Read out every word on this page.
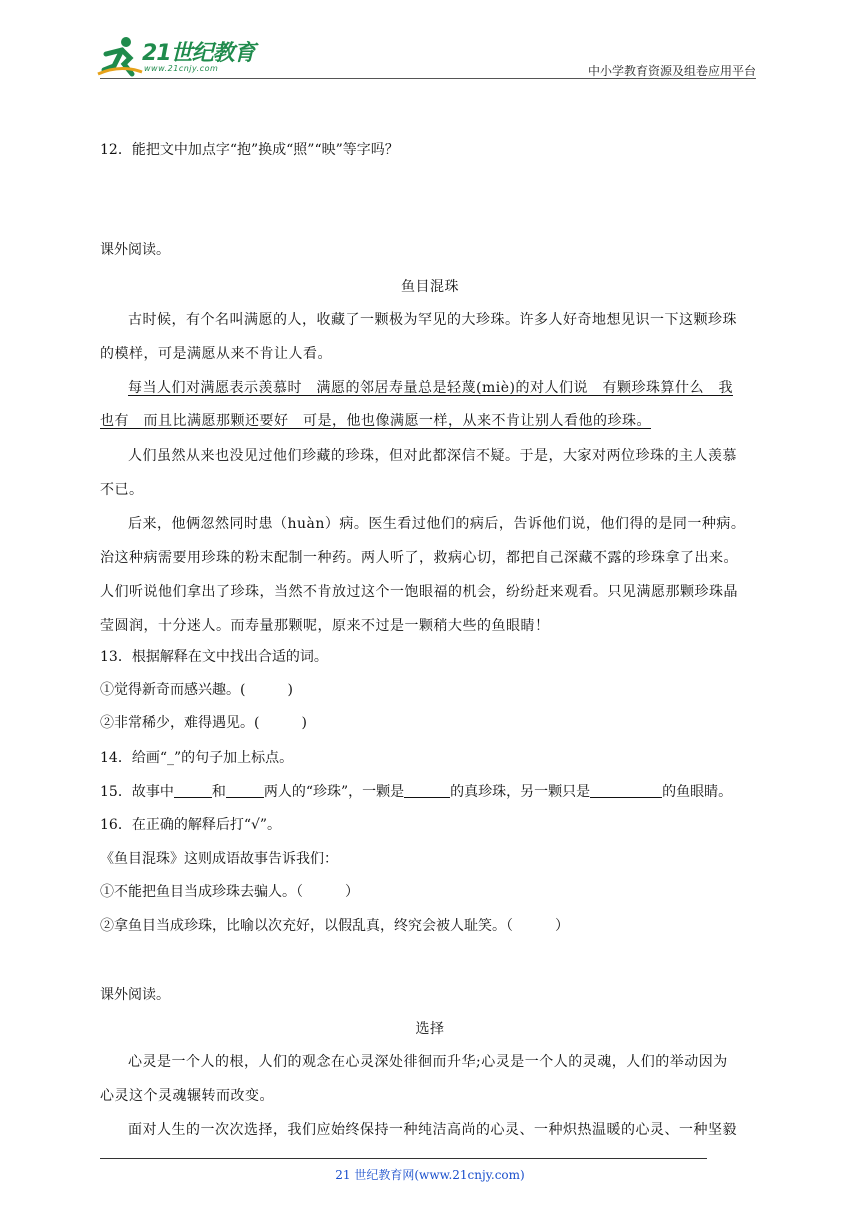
21世纪教育
www.21cnjy.com	中小学教育资源及组卷应用平台
12．能把文中加点字“抱”换成“照”“映”等字吗？
课外阅读。
鱼目混珠
古时候，有个名叫满愿的人，收藏了一颗极为罕见的大珍珠。许多人好奇地想见识一下这颗珍珠
的模样，可是满愿从来不肯让人看。
每当人们对满愿表示羡慕时　满愿的邻居寿量总是轻蔑(miè)的对人们说　有颗珍珠算什么　我
也有　而且比满愿那颗还要好　可是，他也像满愿一样，从来不肯让别人看他的珍珠。
人们虽然从来也没见过他们珍藏的珍珠，但对此都深信不疑。于是，大家对两位珍珠的主人羡慕
不已。
后来，他俩忽然同时患（huàn）病。医生看过他们的病后，告诉他们说，他们得的是同一种病。
治这种病需要用珍珠的粉末配制一种药。两人听了，救病心切，都把自己深藏不露的珍珠拿了出来。
人们听说他们拿出了珍珠，当然不肯放过这个一饱眼福的机会，纷纷赶来观看。只见满愿那颗珍珠晶
莹圆润，十分迷人。而寿量那颗呢，原来不过是一颗稍大些的鱼眼睛！
13．根据解释在文中找出合适的词。
①觉得新奇而感兴趣。(　　　)
②非常稀少，难得遇见。(　　　)
14．给画“_”的句子加上标点。
15．故事中	和	两人的“珍珠”，一颗是	的真珍珠，另一颗只是	的鱼眼睛。
16．在正确的解释后打“√”。
《鱼目混珠》这则成语故事告诉我们：
①不能把鱼目当成珍珠去骗人。（　　　）
②拿鱼目当成珍珠，比喻以次充好，以假乱真，终究会被人耻笑。（　　　）
课外阅读。
选择
心灵是一个人的根，人们的观念在心灵深处徘徊而升华;心灵是一个人的灵魂，人们的举动因为
心灵这个灵魂辗转而改变。
面对人生的一次次选择，我们应始终保持一种纯洁高尚的心灵、一种炽热温暖的心灵、一种坚毅
21 世纪教育网(www.21cnjy.com)
